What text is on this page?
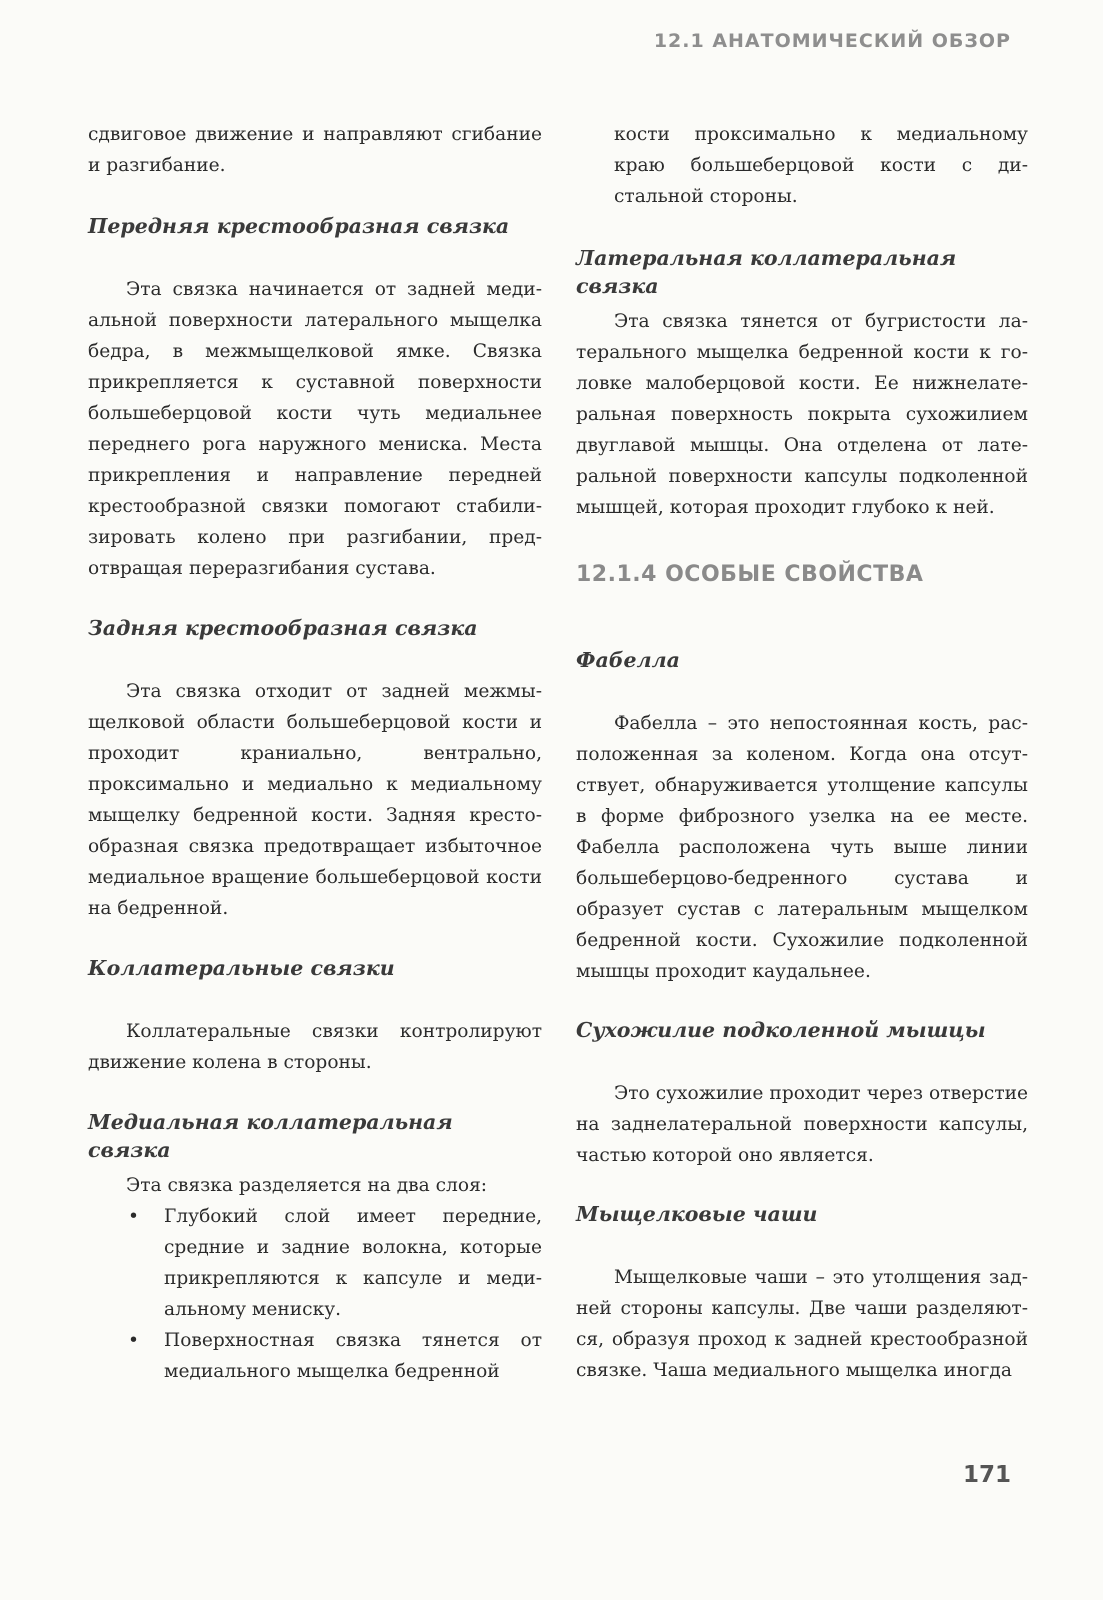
12.1 АНАТОМИЧЕСКИЙ ОБЗОР

сдвиговое движение и направляют сгибание и разгибание.

Передняя крестообразная связка

Эта связка начинается от задней медиальной поверхности латерального мыщелка бедра, в межмыщелковой ямке. Связка прикрепляется к суставной поверхности большеберцовой кости чуть медиальнее переднего рога наружного мениска. Места прикрепления и направление передней крестообразной связки помогают стабилизировать колено при разгибании, предотвращая переразгибания сустава.

Задняя крестообразная связка

Эта связка отходит от задней межмыщелковой области большеберцовой кости и проходит краниально, вентрально, проксимально и медиально к медиальному мыщелку бедренной кости. Задняя крестообразная связка предотвращает избыточное медиальное вращение большеберцовой кости на бедренной.

Коллатеральные связки

Коллатеральные связки контролируют движение колена в стороны.

Медиальная коллатеральная связка

Эта связка разделяется на два слоя:

• Глубокий слой имеет передние, средние и задние волокна, которые прикрепляются к капсуле и медиальному мениску.
• Поверхностная связка тянется от медиального мыщелка бедренной

кости проксимально к медиальному краю большеберцовой кости с дистальной стороны.

Латеральная коллатеральная связка

Эта связка тянется от бугристости латерального мыщелка бедренной кости к головке малоберцовой кости. Ее нижнелатеральная поверхность покрыта сухожилием двуглавой мышцы. Она отделена от латеральной поверхности капсулы подколенной мышцей, которая проходит глубоко к ней.

12.1.4 ОСОБЫЕ СВОЙСТВА
Фабелла

Фабелла – это непостоянная кость, расположенная за коленом. Когда она отсутствует, обнаруживается утолщение капсулы в форме фиброзного узелка на ее месте. Фабелла расположена чуть выше линии большеберцово-бедренного сустава и образует сустав с латеральным мыщелком бедренной кости. Сухожилие подколенной мышцы проходит каудальнее.

Сухожилие подколенной мышцы

Это сухожилие проходит через отверстие на заднелатеральной поверхности капсулы, частью которой оно является.

Мыщелковые чаши

Мыщелковые чаши – это утолщения задней стороны капсулы. Две чаши разделяются, образуя проход к задней крестообразной связке. Чаша медиального мыщелка иногда

171
